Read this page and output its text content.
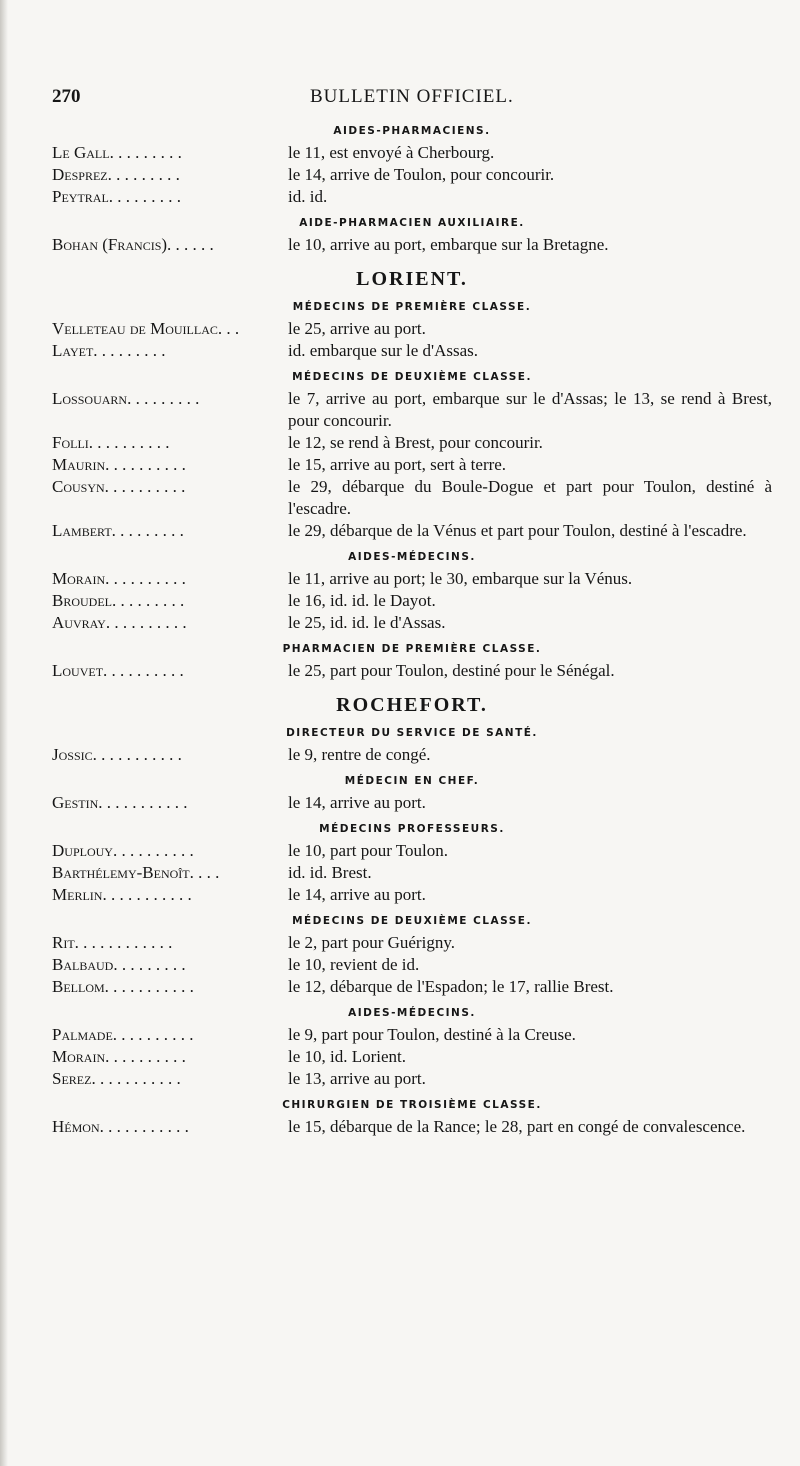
270	BULLETIN OFFICIEL.
AIDES-PHARMACIENS.
Le Gall. . . . . . . . .	le 11, est envoyé à Cherbourg.
Desprez. . . . . . . . .	le 14, arrive de Toulon, pour concourir.
Peytral. . . . . . . . .	id. id.
AIDE-PHARMACIEN AUXILIAIRE.
Bohan (Francis). . . . . .	le 10, arrive au port, embarque sur la Bretagne.
LORIENT.
MÉDECINS DE PREMIÈRE CLASSE.
Velleteau de Mouillac. . .	le 25, arrive au port.
Layet. . . . . . . . .	id. embarque sur le d'Assas.
MÉDECINS DE DEUXIÈME CLASSE.
Lossouarn. . . . . . . . .	le 7, arrive au port, embarque sur le d'Assas; le 13, se rend à Brest, pour concourir.
Folli. . . . . . . . . .	le 12, se rend à Brest, pour concourir.
Maurin. . . . . . . . . .	le 15, arrive au port, sert à terre.
Cousyn. . . . . . . . . .	le 29, débarque du Boule-Dogue et part pour Toulon, destiné à l'escadre.
Lambert. . . . . . . . .	le 29, débarque de la Vénus et part pour Toulon, destiné à l'escadre.
AIDES-MÉDECINS.
Morain. . . . . . . . . .	le 11, arrive au port; le 30, embarque sur la Vénus.
Broudel. . . . . . . . .	le 16, id. id. le Dayot.
Auvray. . . . . . . . . .	le 25, id. id. le d'Assas.
PHARMACIEN DE PREMIÈRE CLASSE.
Louvet. . . . . . . . . .	le 25, part pour Toulon, destiné pour le Sénégal.
ROCHEFORT.
DIRECTEUR DU SERVICE DE SANTÉ.
Jossic. . . . . . . . . . .	le 9, rentre de congé.
MÉDECIN EN CHEF.
Gestin. . . . . . . . . . .	le 14, arrive au port.
MÉDECINS PROFESSEURS.
Duplouy. . . . . . . . . .	le 10, part pour Toulon.
Barthélemy-Benoît. . . .	id. id. Brest.
Merlin. . . . . . . . . . .	le 14, arrive au port.
MÉDECINS DE DEUXIÈME CLASSE.
Rit. . . . . . . . . . . .	le 2, part pour Guérigny.
Balbaud. . . . . . . . .	le 10, revient de id.
Bellom. . . . . . . . . . .	le 12, débarque de l'Espadon; le 17, rallie Brest.
AIDES-MÉDECINS.
Palmade. . . . . . . . . .	le 9, part pour Toulon, destiné à la Creuse.
Morain. . . . . . . . . .	le 10, id. Lorient.
Serez. . . . . . . . . . .	le 13, arrive au port.
CHIRURGIEN DE TROISIÈME CLASSE.
Hémon. . . . . . . . . . .	le 15, débarque de la Rance; le 28, part en congé de convalescence.
